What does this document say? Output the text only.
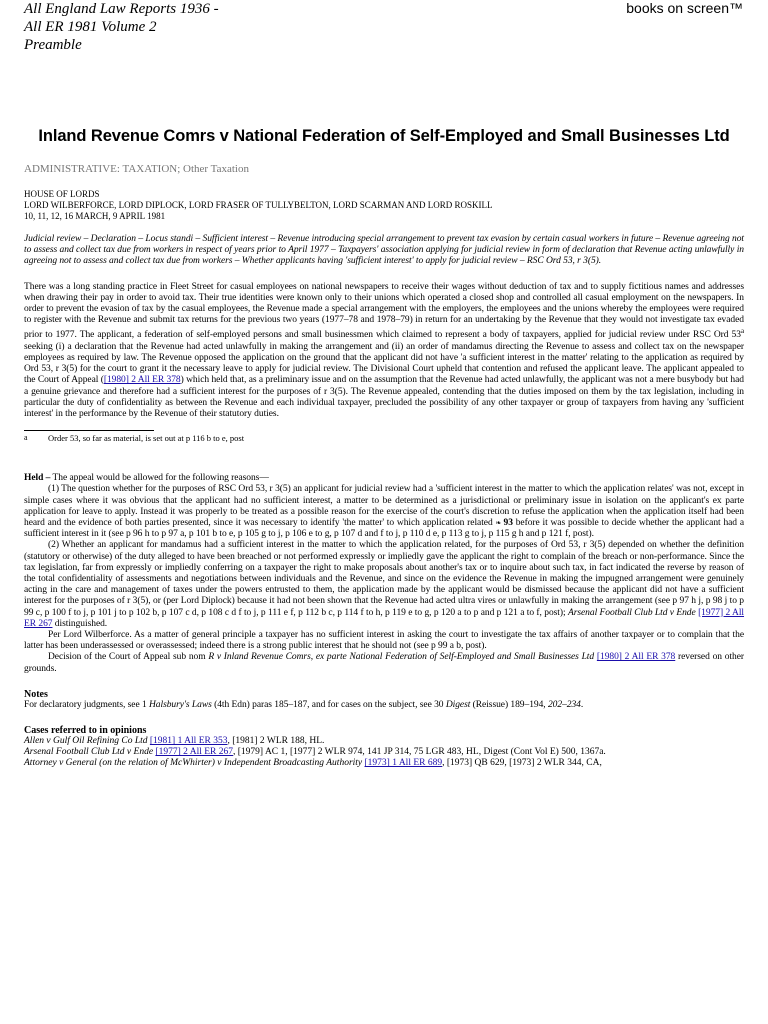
All England Law Reports 1936 -
All ER 1981 Volume 2
Preamble
books on screen™
Inland Revenue Comrs v National Federation of Self-Employed and Small Businesses Ltd
ADMINISTRATIVE: TAXATION; Other Taxation
HOUSE OF LORDS
LORD WILBERFORCE, LORD DIPLOCK, LORD FRASER OF TULLYBELTON, LORD SCARMAN AND LORD ROSKILL
10, 11, 12, 16 MARCH, 9 APRIL 1981

Judicial review – Declaration – Locus standi – Sufficient interest – Revenue introducing special arrangement to prevent tax evasion by certain casual workers in future – Revenue agreeing not to assess and collect tax due from workers in respect of years prior to April 1977 – Taxpayers' association applying for judicial review in form of declaration that Revenue acting unlawfully in agreeing not to assess and collect tax due from workers – Whether applicants having 'sufficient interest' to apply for judicial review – RSC Ord 53, r 3(5).

There was a long standing practice in Fleet Street for casual employees on national newspapers to receive their wages without deduction of tax and to supply fictitious names and addresses when drawing their pay in order to avoid tax. Their true identities were known only to their unions which operated a closed shop and controlled all casual employment on the newspapers. In order to prevent the evasion of tax by the casual employees, the Revenue made a special arrangement with the employers, the employees and the unions whereby the employees were required to register with the Revenue and submit tax returns for the previous two years (1977–78 and 1978–79) in return for an undertaking by the Revenue that they would not investigate tax evaded prior to 1977. The applicant, a federation of self-employed persons and small businessmen which claimed to represent a body of taxpayers, applied for judicial review under RSC Ord 53$^a$ seeking (i) a declaration that the Revenue had acted unlawfully in making the arrangement and (ii) an order of mandamus directing the Revenue to assess and collect tax on the newspaper employees as required by law. The Revenue opposed the application on the ground that the applicant did not have 'a sufficient interest in the matter' relating to the application as required by Ord 53, r 3(5) for the court to grant it the necessary leave to apply for judicial review. The Divisional Court upheld that contention and refused the applicant leave. The applicant appealed to the Court of Appeal ([1980] 2 All ER 378) which held that, as a preliminary issue and on the assumption that the Revenue had acted unlawfully, the applicant was not a mere busybody but had a genuine grievance and therefore had a sufficient interest for the purposes of r 3(5). The Revenue appealed, contending that the duties imposed on them by the tax legislation, including in particular the duty of confidentiality as between the Revenue and each individual taxpayer, precluded the possibility of any other taxpayer or group of taxpayers from having any 'sufficient interest' in the performance by the Revenue of their statutory duties.

a Order 53, so far as material, is set out at p 116 b to e, post

Held – The appeal would be allowed for the following reasons—

(1) The question whether for the purposes of RSC Ord 53, r 3(5) an applicant for judicial review had a 'sufficient interest in the matter to which the application relates' was not, except in simple cases where it was obvious that the applicant had no sufficient interest, a matter to be determined as a jurisdictional or preliminary issue in isolation on the applicant's ex parte application for leave to apply. Instead it was properly to be treated as a possible reason for the exercise of the court's discretion to refuse the application when the application itself had been heard and the evidence of both parties presented, since it was necessary to identify 'the matter' to which application related ❧ 93 before it was possible to decide whether the applicant had a sufficient interest in it (see p 96 h to p 97 a, p 101 b to e, p 105 g to j, p 106 e to g, p 107 d and f to j, p 110 d e, p 113 g to j, p 115 g h and p 121 f, post).

(2) Whether an applicant for mandamus had a sufficient interest in the matter to which the application related, for the purposes of Ord 53, r 3(5) depended on whether the definition (statutory or otherwise) of the duty alleged to have been breached or not performed expressly or impliedly gave the applicant the right to complain of the breach or non-performance. Since the tax legislation, far from expressly or impliedly conferring on a taxpayer the right to make proposals about another's tax or to inquire about such tax, in fact indicated the reverse by reason of the total confidentiality of assessments and negotiations between individuals and the Revenue, and since on the evidence the Revenue in making the impugned arrangement were genuinely acting in the care and management of taxes under the powers entrusted to them, the application made by the applicant would be dismissed because the applicant did not have a sufficient interest for the purposes of r 3(5), or (per Lord Diplock) because it had not been shown that the Revenue had acted ultra vires or unlawfully in making the arrangement (see p 97 h j, p 98 j to p 99 c, p 100 f to j, p 101 j to p 102 b, p 107 c d, p 108 c d f to j, p 111 e f, p 112 b c, p 114 f to h, p 119 e to g, p 120 a to p and p 121 a to f, post); Arsenal Football Club Ltd v Ende [1977] 2 All ER 267 distinguished.

Per Lord Wilberforce. As a matter of general principle a taxpayer has no sufficient interest in asking the court to investigate the tax affairs of another taxpayer or to complain that the latter has been underassessed or overassessed; indeed there is a strong public interest that he should not (see p 99 a b, post).

Decision of the Court of Appeal sub nom R v Inland Revenue Comrs, ex parte National Federation of Self-Employed and Small Businesses Ltd [1980] 2 All ER 378 reversed on other grounds.

Notes

For declaratory judgments, see 1 Halsbury's Laws (4th Edn) paras 185–187, and for cases on the subject, see 30 Digest (Reissue) 189–194, 202–234.

Cases referred to in opinions
Allen v Gulf Oil Refining Co Ltd [1981] 1 All ER 353, [1981] 2 WLR 188, HL.
Arsenal Football Club Ltd v Ende [1977] 2 All ER 267, [1979] AC 1, [1977] 2 WLR 974, 141 JP 314, 75 LGR 483, HL, Digest (Cont Vol E) 500, 1367a.
Attorney v General (on the relation of McWhirter) v Independent Broadcasting Authority [1973] 1 All ER 689, [1973] QB 629, [1973] 2 WLR 344, CA,
